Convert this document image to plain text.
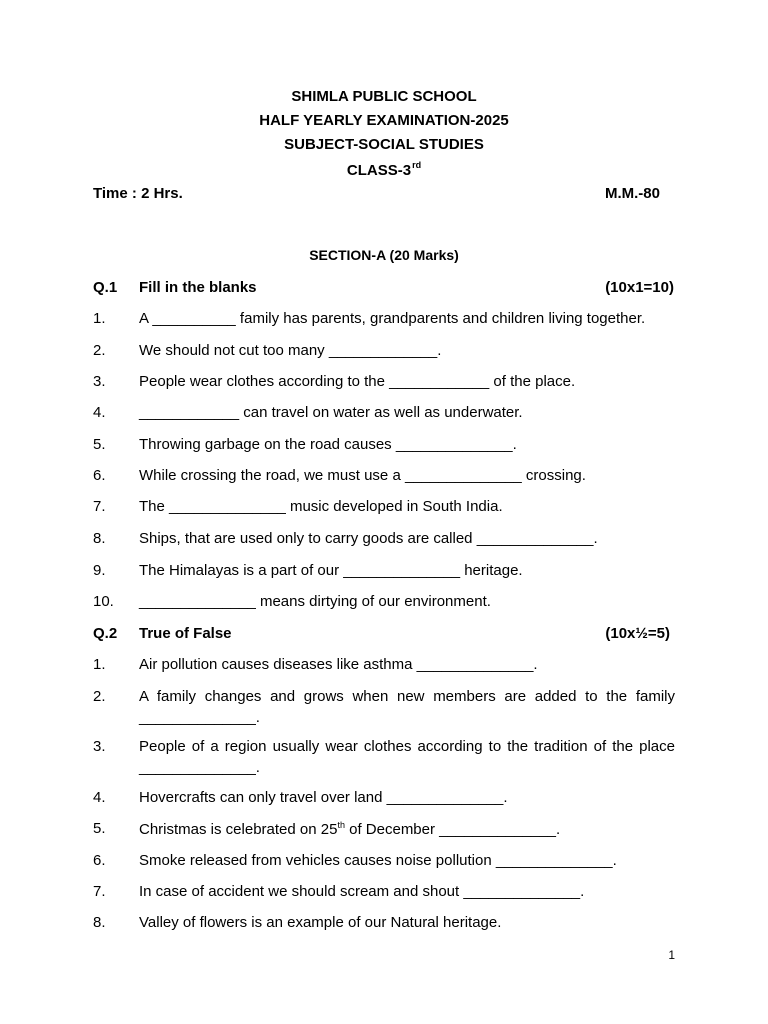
SHIMLA PUBLIC SCHOOL
HALF YEARLY EXAMINATION-2025
SUBJECT-SOCIAL STUDIES
CLASS-3rd
Time : 2 Hrs.	M.M.-80
SECTION-A (20 Marks)
Q.1 Fill in the blanks	(10x1=10)
1. A __________ family has parents, grandparents and children living together.
2. We should not cut too many _____________.
3. People wear clothes according to the ____________ of the place.
4. ____________ can travel on water as well as underwater.
5. Throwing garbage on the road causes ______________.
6. While crossing the road, we must use a ______________ crossing.
7. The ______________ music developed in South India.
8. Ships, that are used only to carry goods are called ______________.
9. The Himalayas is a part of our ______________ heritage.
10. ______________ means dirtying of our environment.
Q.2 True of False	(10x½=5)
1. Air pollution causes diseases like asthma ______________.
2. A family changes and grows when new members are added to the family
______________.
3. People of a region usually wear clothes according to the tradition of the place
______________.
4. Hovercrafts can only travel over land ______________.
5. Christmas is celebrated on 25th of December ______________.
6. Smoke released from vehicles causes noise pollution ______________.
7. In case of accident we should scream and shout ______________.
8. Valley of flowers is an example of our Natural heritage.
1
